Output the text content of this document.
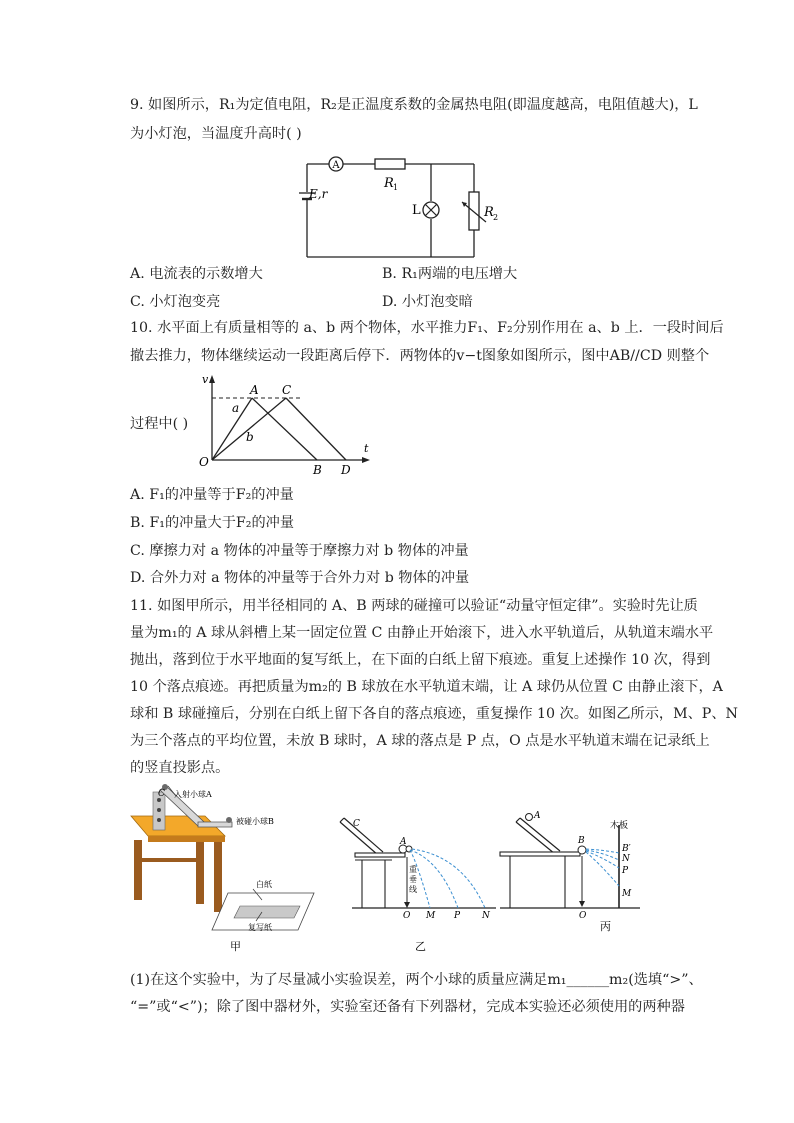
9. 如图所示，R₁为定值电阻，R₂是正温度系数的金属热电阻(即温度越高，电阻值越大)，L
为小灯泡，当温度升高时( )
A
R 1
E,r
L	R 2
A. 电流表的示数增大	B. R₁两端的电压增大
C. 小灯泡变亮	D. 小灯泡变暗
10. 水平面上有质量相等的 a、b 两个物体，水平推力F₁、F₂分别作用在 a、b 上．一段时间后
撤去推力，物体继续运动一段距离后停下．两物体的v−t图象如图所示，图中AB//CD 则整个
过程中( )
v
t
O
A C
a
b
B D
A. F₁的冲量等于F₂的冲量
B. F₁的冲量大于F₂的冲量
C. 摩擦力对 a 物体的冲量等于摩擦力对 b 物体的冲量
D. 合外力对 a 物体的冲量等于合外力对 b 物体的冲量
11. 如图甲所示，用半径相同的 A、B 两球的碰撞可以验证“动量守恒定律”。实验时先让质
量为m₁的 A 球从斜槽上某一固定位置 C 由静止开始滚下，进入水平轨道后，从轨道末端水平
抛出，落到位于水平地面的复写纸上，在下面的白纸上留下痕迹。重复上述操作 10 次，得到
10 个落点痕迹。再把质量为m₂的 B 球放在水平轨道末端，让 A 球仍从位置 C 由静止滚下，A
球和 B 球碰撞后，分别在白纸上留下各自的落点痕迹，重复操作 10 次。如图乙所示，M、P、N
为三个落点的平均位置，未放 B 球时，A 球的落点是 P 点，O 点是水平轨道末端在记录纸上
的竖直投影点。
C 入射小球A
被碰小球B
白纸
复写纸
甲
C
A
重
垂
线
O M P N
乙
A
B
木板
B′
N
P
M
O
丙
(1)在这个实验中，为了尽量减小实验误差，两个小球的质量应满足m₁______m₂(选填“>”、
“=”或“<”)；除了图中器材外，实验室还备有下列器材，完成本实验还必须使用的两种器
